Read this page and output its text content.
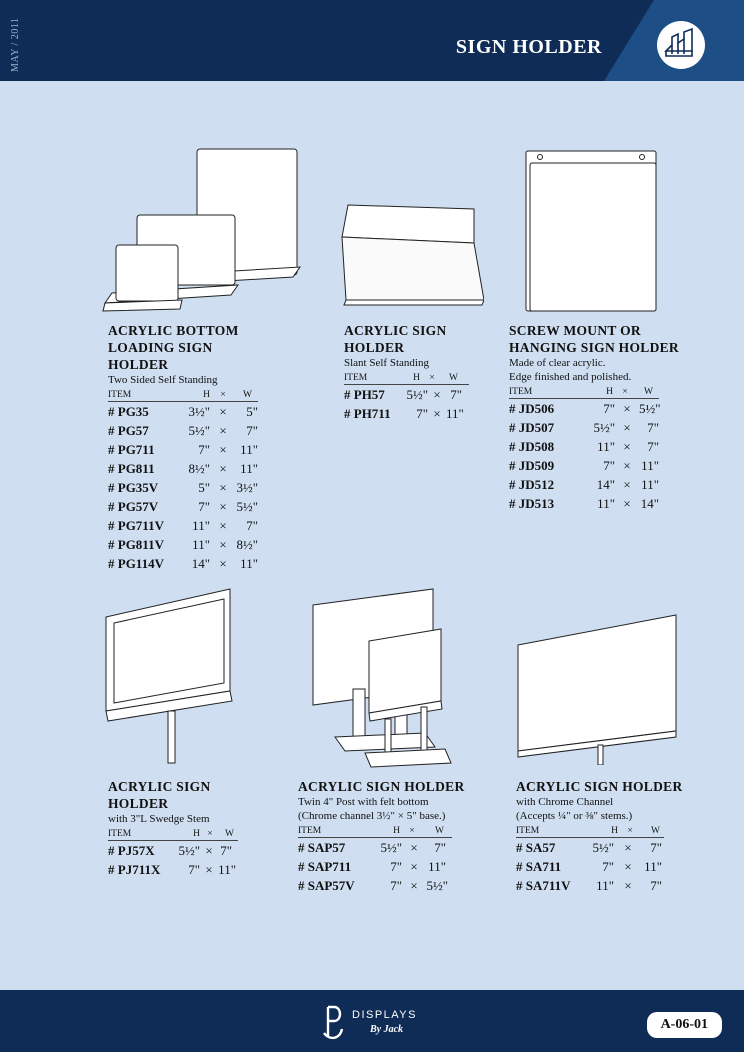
MAY / 2011	SIGN HOLDER
ACRYLIC BOTTOM
LOADING SIGN HOLDER
Two Sided Self Standing
ITEM	H	×	W
# PG35	3½" ×	5"
# PG57	5½" ×	7"
# PG711	7" ×	11"
# PG811	8½" ×	11"
# PG35V	5" × 3½"
# PG57V	7" × 5½"
# PG711V	11" ×	7"
# PG811V	11" × 8½"
# PG114V	14" ×	11"
ACRYLIC SIGN
HOLDER
Slant Self Standing
ITEM	H ×	W
# PH57	5½" × 7"
# PH711	7" × 11"
SCREW MOUNT OR
HANGING SIGN HOLDER
Made of clear acrylic.
Edge finished and polished.
ITEM	H ×	W
# JD506	7" × 5½"
# JD507	5½" ×	7"
# JD508	11" ×	7"
# JD509	7" × 11"
# JD512	14" × 11"
# JD513	11" × 14"
ACRYLIC SIGN
HOLDER
with 3"L Swedge Stem
ITEM	H ×	W
# PJ57X	5½" × 7"
# PJ711X	7" × 11"
ACRYLIC SIGN HOLDER
Twin 4" Post with felt bottom
(Chrome channel 3½" × 5" base.)
ITEM	H ×	W
# SAP57	5½" ×	7"
# SAP711	7" × 11"
# SAP57V	7" × 5½"
ACRYLIC SIGN HOLDER
with Chrome Channel
(Accepts ¼" or ⅜" stems.)
ITEM	H ×	W
# SA57	5½" ×	7"
# SA711	7" × 11"
# SA711V	11" ×	7"
DISPLAYS
By Jack	A-06-01
